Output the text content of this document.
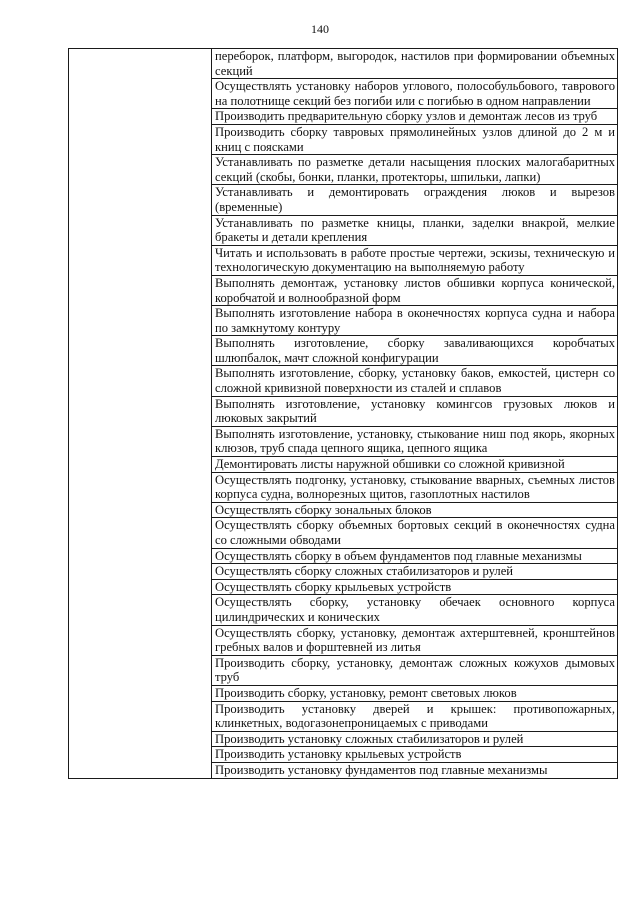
140
	переборок, платформ, выгородок, настилов при формировании объемных секций
Осуществлять установку наборов углового, полособульбового, таврового на полотнище секций без погиби или с погибью в одном направлении
Производить предварительную сборку узлов и демонтаж лесов из труб
Производить сборку тавровых прямолинейных узлов длиной до 2 м и книц с поясками
Устанавливать по разметке детали насыщения плоских малогабаритных секций (скобы, бонки, планки, протекторы, шпильки, лапки)
Устанавливать и демонтировать ограждения люков и вырезов (временные)
Устанавливать по разметке кницы, планки, заделки внакрой, мелкие бракеты и детали крепления
Читать и использовать в работе простые чертежи, эскизы, техническую и технологическую документацию на выполняемую работу
Выполнять демонтаж, установку листов обшивки корпуса конической, коробчатой и волнообразной форм
Выполнять изготовление набора в оконечностях корпуса судна и набора по замкнутому контуру
Выполнять изготовление, сборку заваливающихся коробчатых шлюпбалок, мачт сложной конфигурации
Выполнять изготовление, сборку, установку баков, емкостей, цистерн со сложной кривизной поверхности из сталей и сплавов
Выполнять изготовление, установку комингсов грузовых люков и люковых закрытий
Выполнять изготовление, установку, стыкование ниш под якорь, якорных клюзов, труб спада цепного ящика, цепного ящика
Демонтировать листы наружной обшивки со сложной кривизной
Осуществлять подгонку, установку, стыкование вварных, съемных листов корпуса судна, волнорезных щитов, газоплотных настилов
Осуществлять сборку зональных блоков
Осуществлять сборку объемных бортовых секций в оконечностях судна со сложными обводами
Осуществлять сборку в объем фундаментов под главные механизмы
Осуществлять сборку сложных стабилизаторов и рулей
Осуществлять сборку крыльевых устройств
Осуществлять сборку, установку обечаек основного корпуса цилиндрических и конических
Осуществлять сборку, установку, демонтаж ахтерштевней, кронштейнов гребных валов и форштевней из литья
Производить сборку, установку, демонтаж сложных кожухов дымовых труб
Производить сборку, установку, ремонт световых люков
Производить установку дверей и крышек: противопожарных, клинкетных, водогазонепроницаемых с приводами
Производить установку сложных стабилизаторов и рулей
Производить установку крыльевых устройств
Производить установку фундаментов под главные механизмы
